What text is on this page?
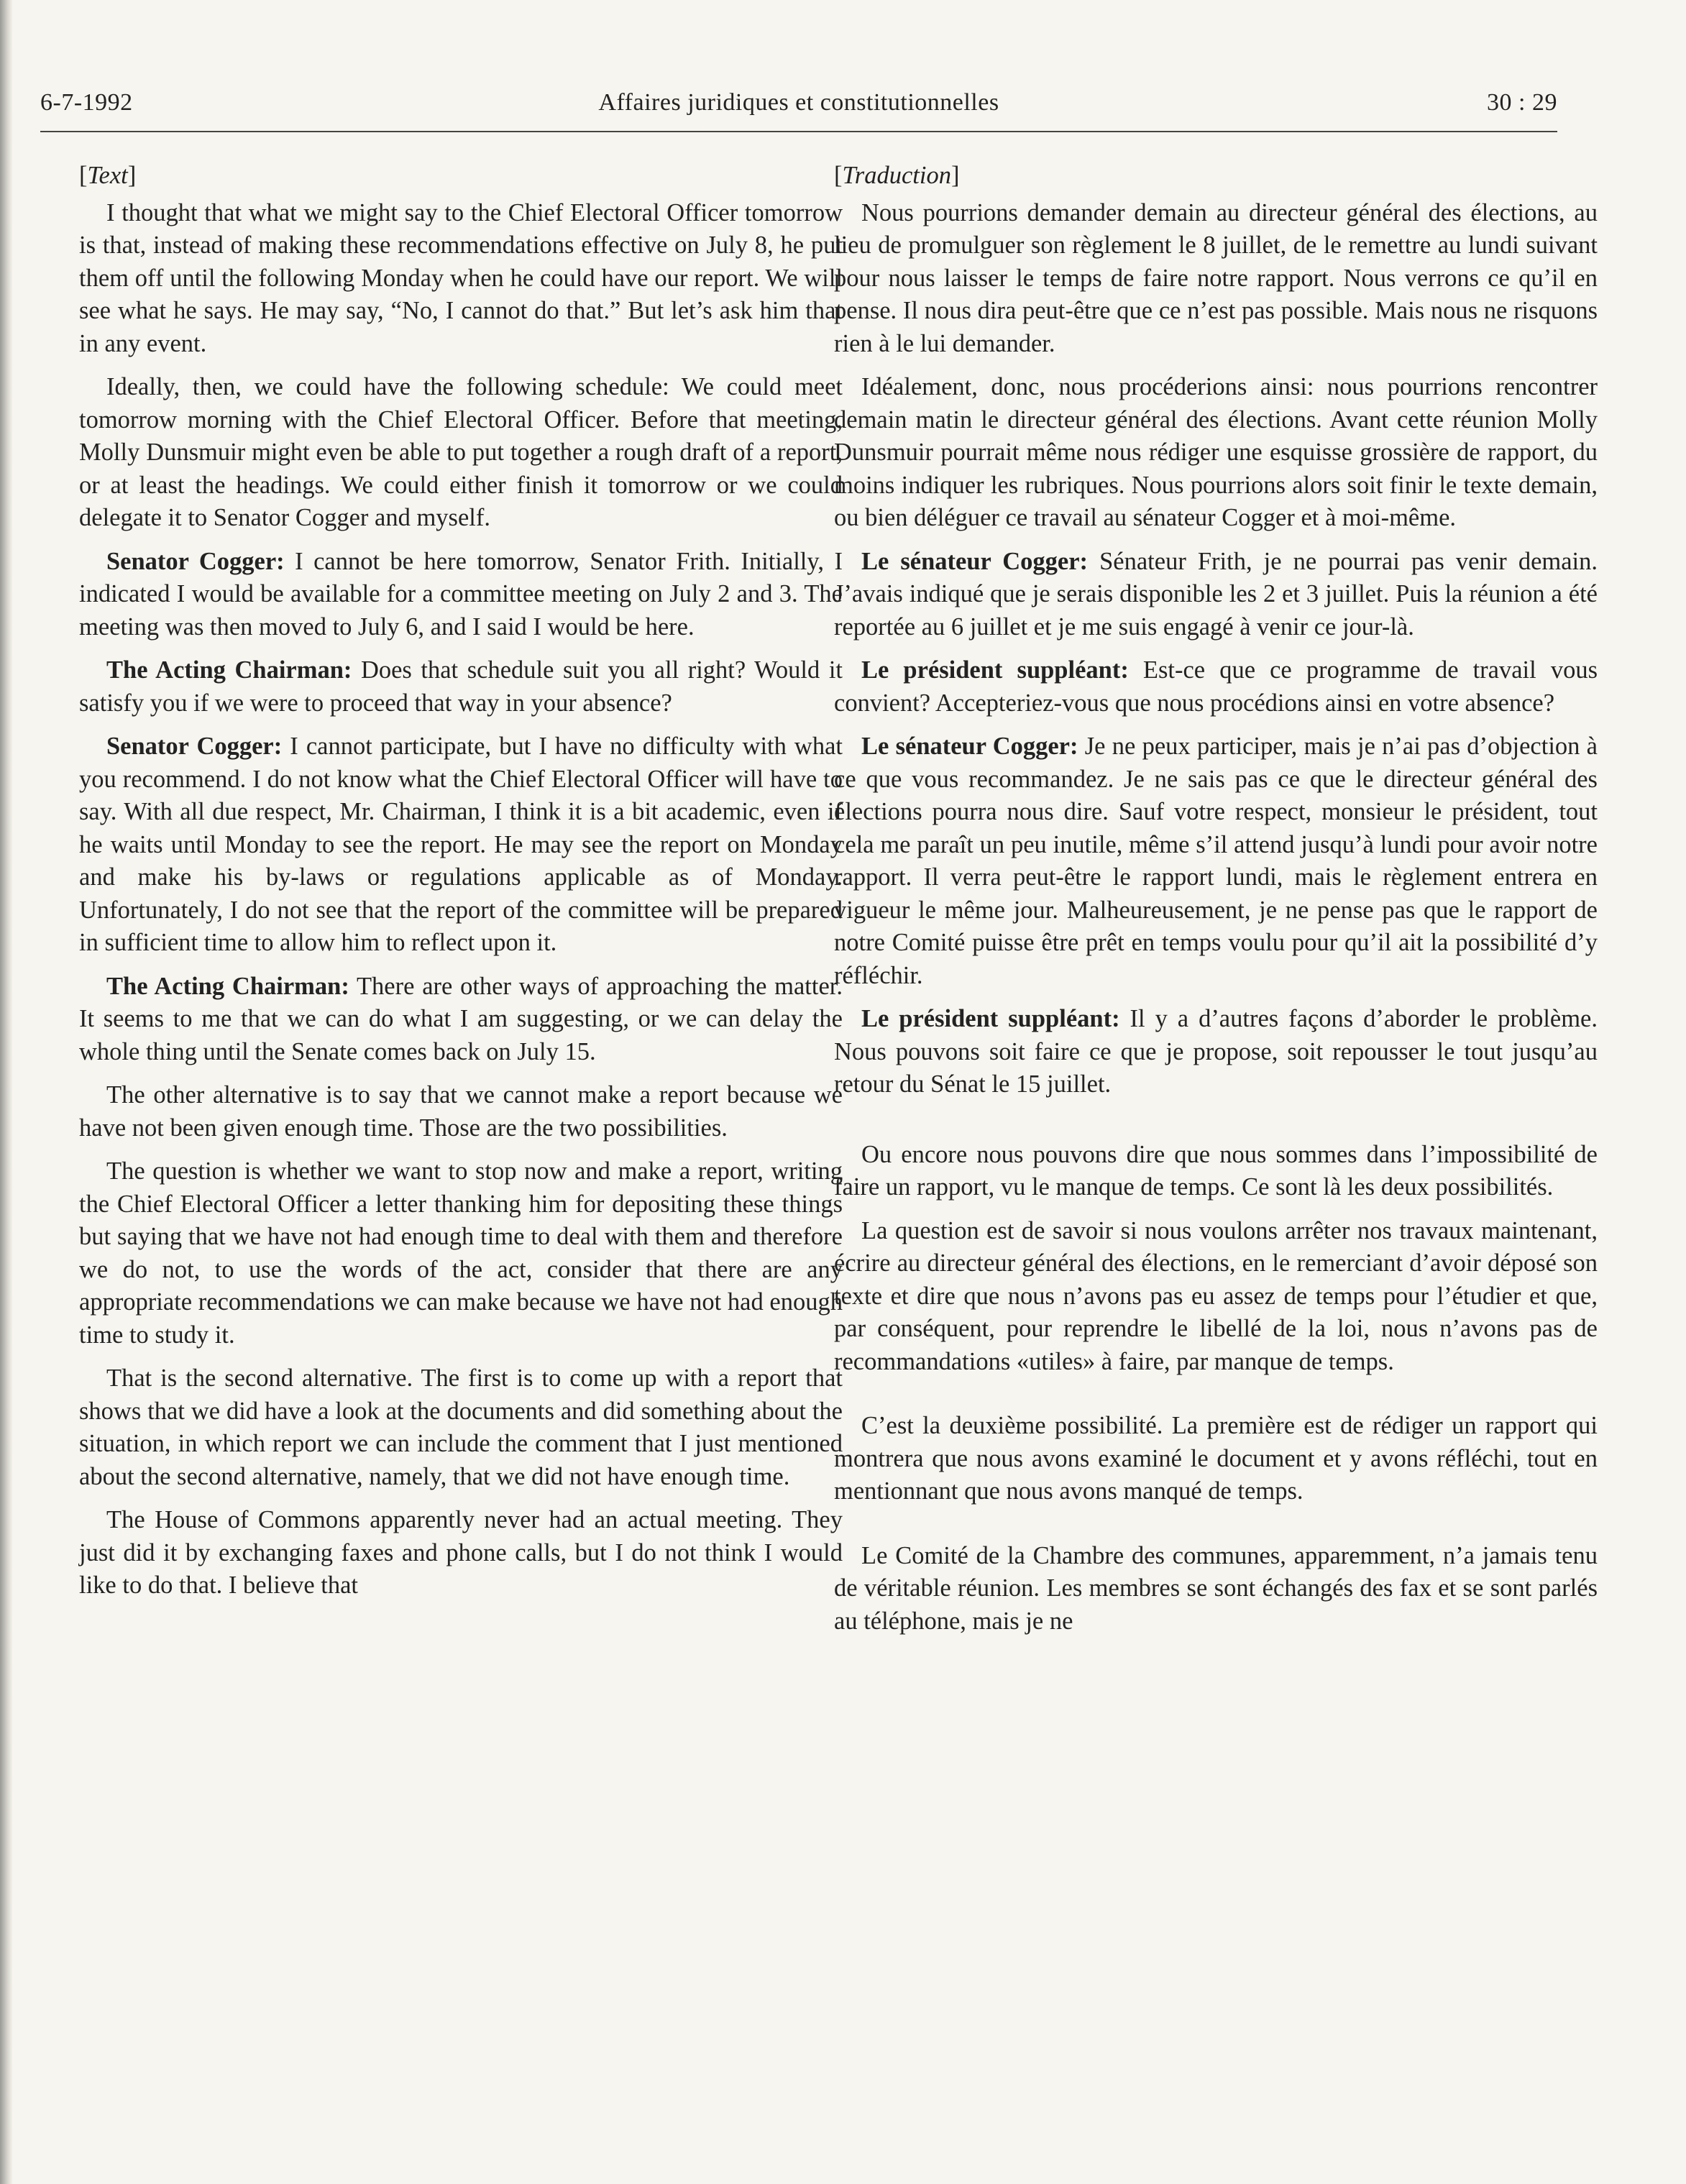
6-7-1992	Affaires juridiques et constitutionnelles	30 : 29

[Text]

I thought that what we might say to the Chief Electoral Officer tomorrow is that, instead of making these recommendations effective on July 8, he put them off until the following Monday when he could have our report. We will see what he says. He may say, “No, I cannot do that.” But let’s ask him that in any event.

Ideally, then, we could have the following schedule: We could meet tomorrow morning with the Chief Electoral Officer. Before that meeting, Molly Dunsmuir might even be able to put together a rough draft of a report, or at least the headings. We could either finish it tomorrow or we could delegate it to Senator Cogger and myself.

Senator Cogger: I cannot be here tomorrow, Senator Frith. Initially, I indicated I would be available for a committee meeting on July 2 and 3. The meeting was then moved to July 6, and I said I would be here.

The Acting Chairman: Does that schedule suit you all right? Would it satisfy you if we were to proceed that way in your absence?

Senator Cogger: I cannot participate, but I have no difficulty with what you recommend. I do not know what the Chief Electoral Officer will have to say. With all due respect, Mr. Chairman, I think it is a bit academic, even if he waits until Monday to see the report. He may see the report on Monday and make his by-laws or regulations applicable as of Monday. Unfortunately, I do not see that the report of the committee will be prepared in sufficient time to allow him to reflect upon it.

The Acting Chairman: There are other ways of approaching the matter. It seems to me that we can do what I am suggesting, or we can delay the whole thing until the Senate comes back on July 15.

The other alternative is to say that we cannot make a report because we have not been given enough time. Those are the two possibilities.

The question is whether we want to stop now and make a report, writing the Chief Electoral Officer a letter thanking him for depositing these things but saying that we have not had enough time to deal with them and therefore we do not, to use the words of the act, consider that there are any appropriate recommendations we can make because we have not had enough time to study it.

That is the second alternative. The first is to come up with a report that shows that we did have a look at the documents and did something about the situation, in which report we can include the comment that I just mentioned about the second alternative, namely, that we did not have enough time.

The House of Commons apparently never had an actual meeting. They just did it by exchanging faxes and phone calls, but I do not think I would like to do that. I believe that

[Traduction]

Nous pourrions demander demain au directeur général des élections, au lieu de promulguer son règlement le 8 juillet, de le remettre au lundi suivant pour nous laisser le temps de faire notre rapport. Nous verrons ce qu’il en pense. Il nous dira peut-être que ce n’est pas possible. Mais nous ne risquons rien à le lui demander.

Idéalement, donc, nous procéderions ainsi: nous pourrions rencontrer demain matin le directeur général des élections. Avant cette réunion Molly Dunsmuir pourrait même nous rédiger une esquisse grossière de rapport, du moins indiquer les rubriques. Nous pourrions alors soit finir le texte demain, ou bien déléguer ce travail au sénateur Cogger et à moi-même.

Le sénateur Cogger: Sénateur Frith, je ne pourrai pas venir demain. J’avais indiqué que je serais disponible les 2 et 3 juillet. Puis la réunion a été reportée au 6 juillet et je me suis engagé à venir ce jour-là.

Le président suppléant: Est-ce que ce programme de travail vous convient? Accepteriez-vous que nous procédions ainsi en votre absence?

Le sénateur Cogger: Je ne peux participer, mais je n’ai pas d’objection à ce que vous recommandez. Je ne sais pas ce que le directeur général des élections pourra nous dire. Sauf votre respect, monsieur le président, tout cela me paraît un peu inutile, même s’il attend jusqu’à lundi pour avoir notre rapport. Il verra peut-être le rapport lundi, mais le règlement entrera en vigueur le même jour. Malheureusement, je ne pense pas que le rapport de notre Comité puisse être prêt en temps voulu pour qu’il ait la possibilité d’y réfléchir.

Le président suppléant: Il y a d’autres façons d’aborder le problème. Nous pouvons soit faire ce que je propose, soit repousser le tout jusqu’au retour du Sénat le 15 juillet.

Ou encore nous pouvons dire que nous sommes dans l’impossibilité de faire un rapport, vu le manque de temps. Ce sont là les deux possibilités.

La question est de savoir si nous voulons arrêter nos travaux maintenant, écrire au directeur général des élections, en le remerciant d’avoir déposé son texte et dire que nous n’avons pas eu assez de temps pour l’étudier et que, par conséquent, pour reprendre le libellé de la loi, nous n’avons pas de recommandations «utiles» à faire, par manque de temps.

C’est la deuxième possibilité. La première est de rédiger un rapport qui montrera que nous avons examiné le document et y avons réfléchi, tout en mentionnant que nous avons manqué de temps.

Le Comité de la Chambre des communes, apparemment, n’a jamais tenu de véritable réunion. Les membres se sont échangés des fax et se sont parlés au téléphone, mais je ne
